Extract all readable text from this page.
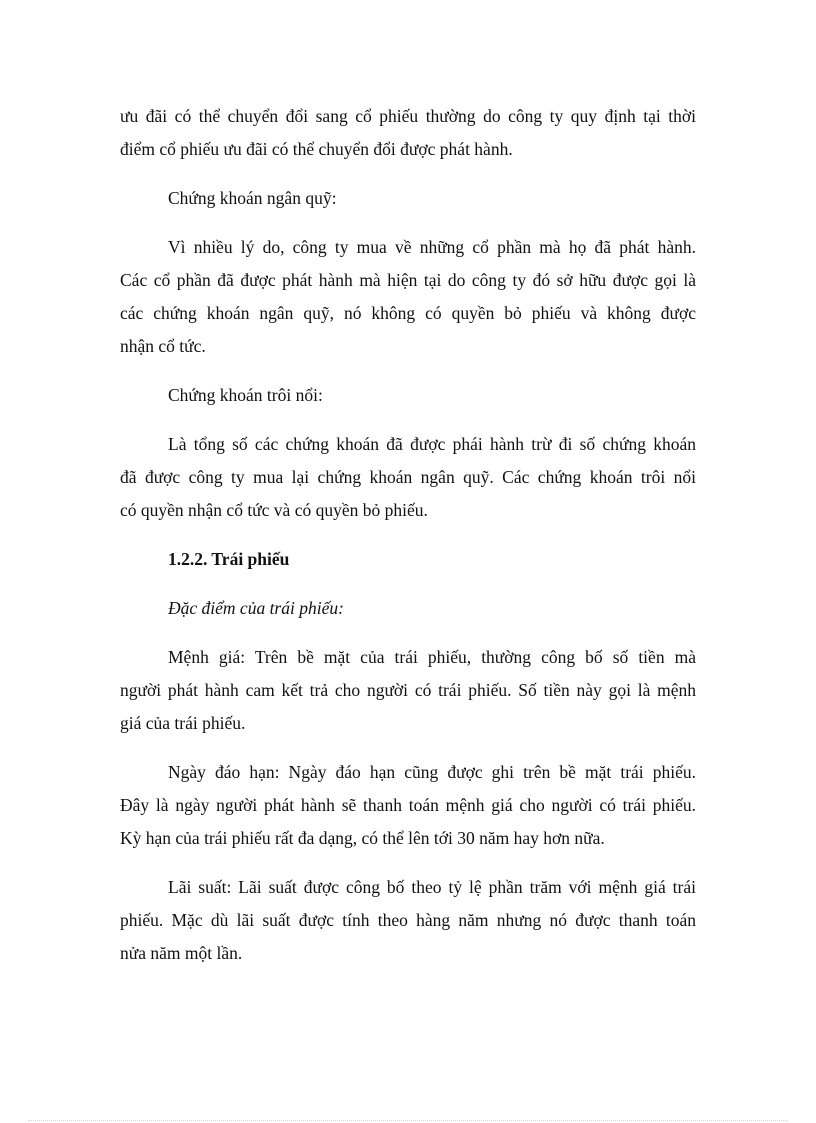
ưu đãi có thể chuyển đổi sang cổ phiếu thường do công ty quy định tại thời
điểm cổ phiếu ưu đãi có thể chuyển đổi được phát hành.

Chứng khoán ngân quỹ:

Vì nhiều lý do, công ty mua về những cổ phần mà họ đã phát hành.
Các cổ phần đã được phát hành mà hiện tại do công ty đó sở hữu được gọi là
các chứng khoán ngân quỹ, nó không có quyền bỏ phiếu và không được
nhận cổ tức.

Chứng khoán trôi nổi:

Là tổng số các chứng khoán đã được phái hành trừ đi số chứng khoán
đã được công ty mua lại chứng khoán ngân quỹ. Các chứng khoán trôi nổi
có quyền nhận cổ tức và có quyền bỏ phiếu.

1.2.2. Trái phiếu

Đặc điểm của trái phiếu:

Mệnh giá: Trên bề mặt của trái phiếu, thường công bố số tiền mà
người phát hành cam kết trả cho người có trái phiếu. Số tiền này gọi là mệnh
giá của trái phiếu.

Ngày đáo hạn: Ngày đáo hạn cũng được ghi trên bề mặt trái phiếu.
Đây là ngày người phát hành sẽ thanh toán mệnh giá cho người có trái phiếu.
Kỳ hạn của trái phiếu rất đa dạng, có thể lên tới 30 năm hay hơn nữa.

Lãi suất: Lãi suất được công bố theo tỷ lệ phần trăm với mệnh giá trái
phiếu. Mặc dù lãi suất được tính theo hàng năm nhưng nó được thanh toán
nửa năm một lần.
